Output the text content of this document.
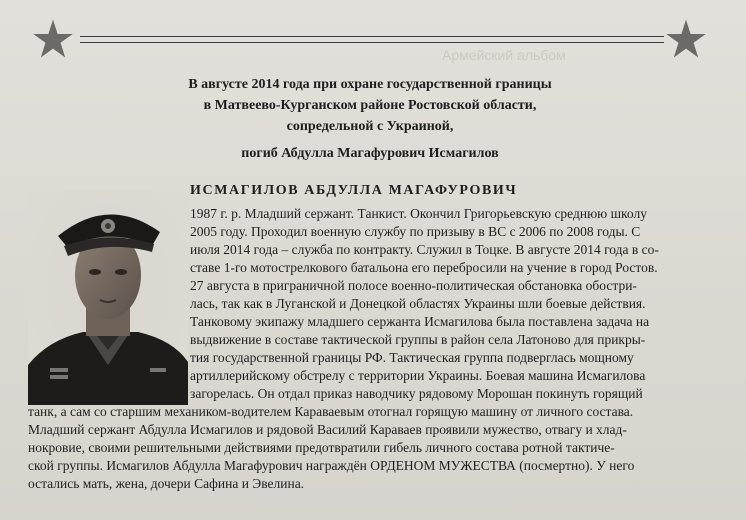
Армейский альбом
В августе 2014 года при охране государственной границы
в Матвеево-Курганском районе Ростовской области,
сопредельной с Украиной,
погиб Абдулла Магафурович Исмагилов
ИСМАГИЛОВ АБДУЛЛА МАГАФУРОВИЧ
1987 г. р. Младший сержант. Танкист. Окончил Григорьевскую среднюю школу
2005 году. Проходил военную службу по призыву в ВС с 2006 по 2008 годы. С
июля 2014 года – служба по контракту. Служил в Тоцке. В августе 2014 года в со-
ставе 1-го мотострелкового батальона его перебросили на учение в город Ростов.
27 августа в приграничной полосе военно-политическая обстановка обостри-
лась, так как в Луганской и Донецкой областях Украины шли боевые действия.
Танковому экипажу младшего сержанта Исмагилова была поставлена задача на
выдвижение в составе тактической группы в район села Латоново для прикры-
тия государственной границы РФ. Тактическая группа подверглась мощному
артиллерийскому обстрелу с территории Украины. Боевая машина Исмагилова
загорелась. Он отдал приказ наводчику рядовому Морошан покинуть горящий
танк, а сам со старшим механиком-водителем Караваевым отогнал горящую машину от личного состава.
Младший сержант Абдулла Исмагилов и рядовой Василий Караваев проявили мужество, отвагу и хлад-
нокровие, своими решительными действиями предотвратили гибель личного состава ротной тактиче-
ской группы. Исмагилов Абдулла Магафурович награждён ОРДЕНОМ МУЖЕСТВА (посмертно). У него
остались мать, жена, дочери Сафина и Эвелина.
